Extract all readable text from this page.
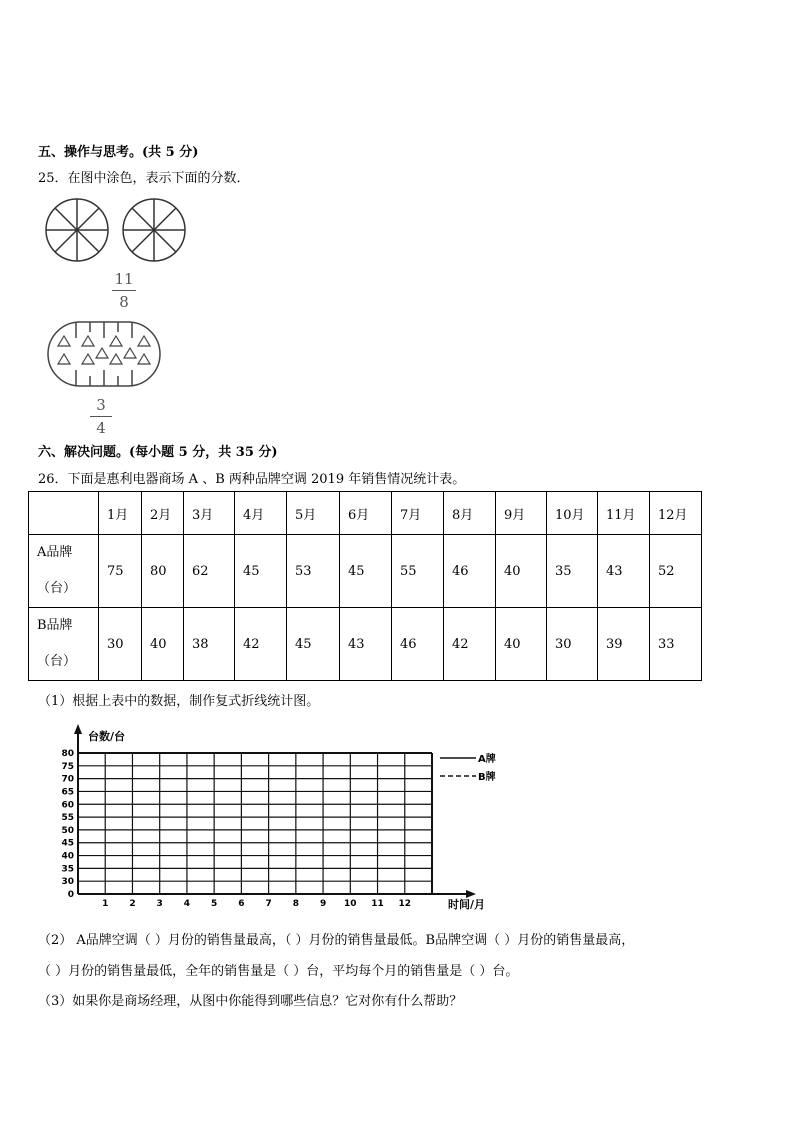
五、操作与思考。(共 5 分)
25．在图中涂色，表示下面的分数．
11
8
3
4
六、解决问题。(每小题 5 分，共 35 分)
26．下面是惠利电器商场 A 、B 两种品牌空调 2019 年销售情况统计表。
	1月	2月	3月	4月	5月	6月	7月	8月	9月	10月	11月	12月

A品牌
（台）	75	80	62	45	53	45	55	46	40	35	43	52

B品牌
（台）	30	40	38	42	45	43	46	42	40	30	39	33
（1）根据上表中的数据，制作复式折线统计图。
0
30
35
40
45
50
55
60
65
70
75
80
1 2 3 4 5 6 7 8 9 10 11 12
台数/台
时间/月
A牌
B牌
（2） A品牌空调（ ）月份的销售量最高，（ ）月份的销售量最低。B品牌空调（ ）月份的销售量最高，
（ ）月份的销售量最低，全年的销售量是（ ）台，平均每个月的销售量是（ ）台。
（3）如果你是商场经理，从图中你能得到哪些信息？它对你有什么帮助？
